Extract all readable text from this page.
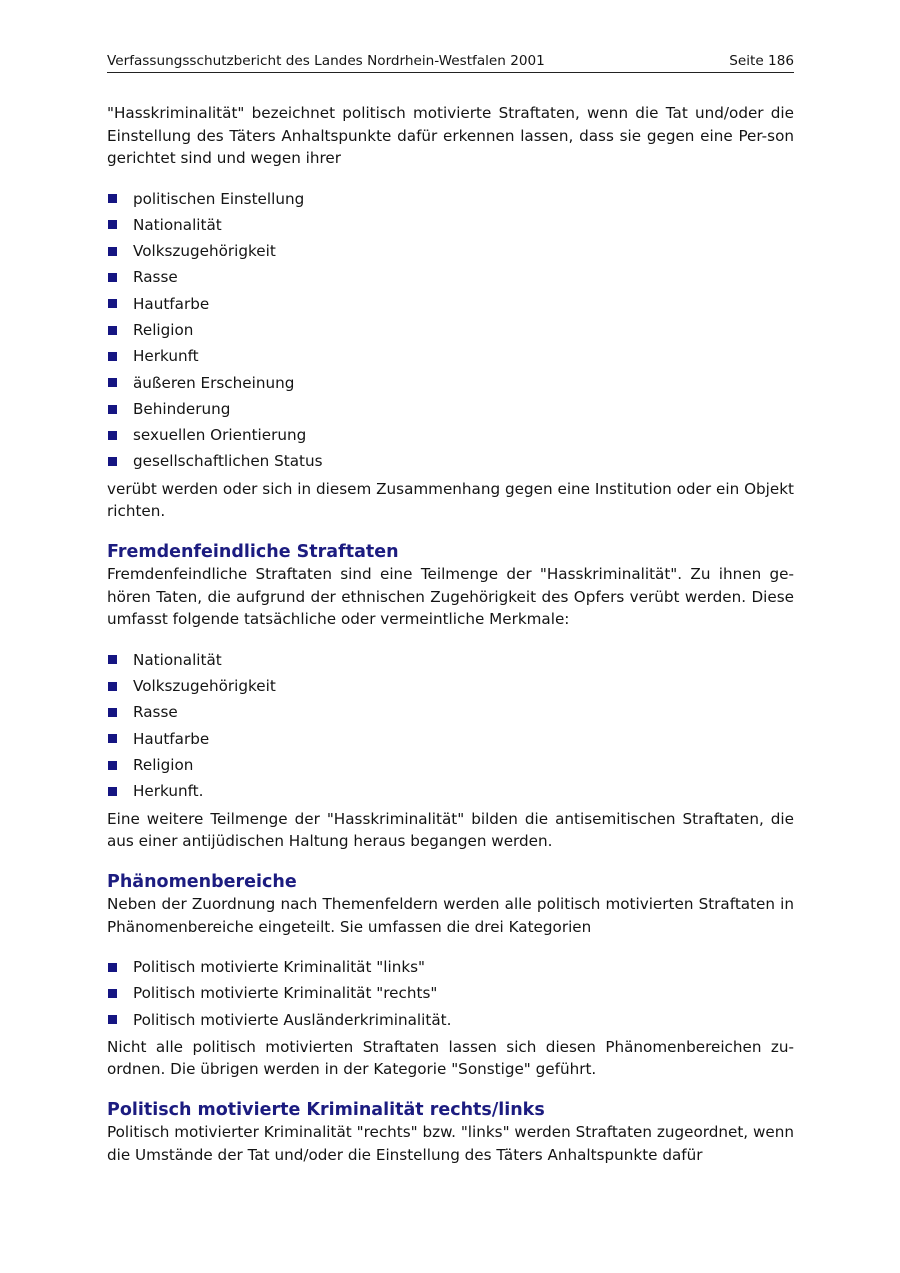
Verfassungsschutzbericht des Landes Nordrhein-Westfalen 2001	Seite 186

"Hasskriminalität" bezeichnet politisch motivierte Straftaten, wenn die Tat und/oder die Einstellung des Täters Anhaltspunkte dafür erkennen lassen, dass sie gegen eine Per-son gerichtet sind und wegen ihrer

politischen Einstellung
Nationalität
Volkszugehörigkeit
Rasse
Hautfarbe
Religion
Herkunft
äußeren Erscheinung
Behinderung
sexuellen Orientierung
gesellschaftlichen Status

verübt werden oder sich in diesem Zusammenhang gegen eine Institution oder ein Objekt richten.

Fremdenfeindliche Straftaten

Fremdenfeindliche Straftaten sind eine Teilmenge der "Hasskriminalität". Zu ihnen ge-hören Taten, die aufgrund der ethnischen Zugehörigkeit des Opfers verübt werden. Diese umfasst folgende tatsächliche oder vermeintliche Merkmale:

Nationalität
Volkszugehörigkeit
Rasse
Hautfarbe
Religion
Herkunft.

Eine weitere Teilmenge der "Hasskriminalität" bilden die antisemitischen Straftaten, die aus einer antijüdischen Haltung heraus begangen werden.

Phänomenbereiche

Neben der Zuordnung nach Themenfeldern werden alle politisch motivierten Straftaten in Phänomenbereiche eingeteilt. Sie umfassen die drei Kategorien

Politisch motivierte Kriminalität "links"
Politisch motivierte Kriminalität "rechts"
Politisch motivierte Ausländerkriminalität.

Nicht alle politisch motivierten Straftaten lassen sich diesen Phänomenbereichen zu-ordnen. Die übrigen werden in der Kategorie "Sonstige" geführt.

Politisch motivierte Kriminalität rechts/links

Politisch motivierter Kriminalität "rechts" bzw. "links" werden Straftaten zugeordnet, wenn die Umstände der Tat und/oder die Einstellung des Täters Anhaltspunkte dafür
